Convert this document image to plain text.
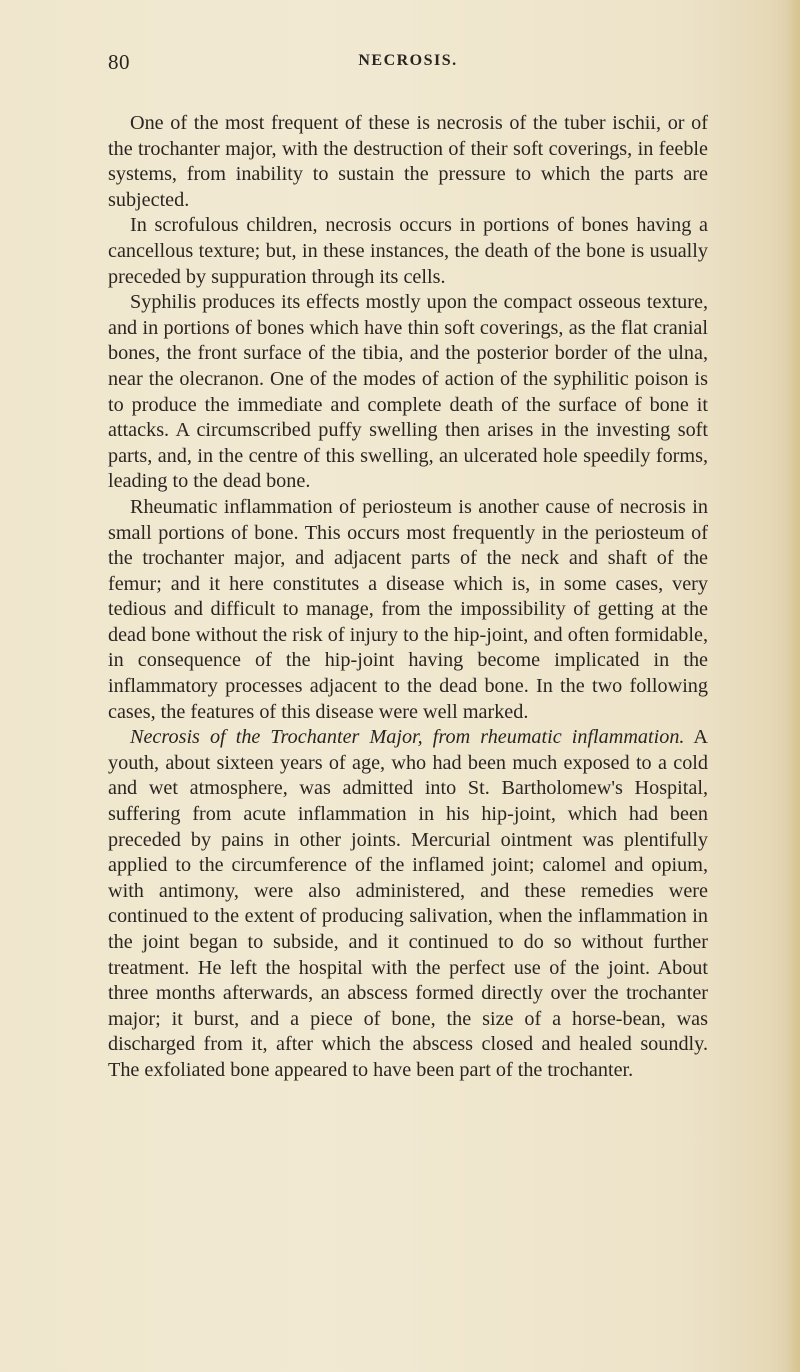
80	NECROSIS.

One of the most frequent of these is necrosis of the tuber ischii, or of the trochanter major, with the destruction of their soft coverings, in feeble systems, from inability to sustain the pressure to which the parts are subjected.

In scrofulous children, necrosis occurs in portions of bones having a cancellous texture; but, in these instances, the death of the bone is usually preceded by suppuration through its cells.

Syphilis produces its effects mostly upon the compact osseous texture, and in portions of bones which have thin soft coverings, as the flat cranial bones, the front surface of the tibia, and the posterior border of the ulna, near the olecranon. One of the modes of action of the syphilitic poison is to produce the immediate and complete death of the surface of bone it attacks. A circumscribed puffy swelling then arises in the investing soft parts, and, in the centre of this swelling, an ulcerated hole speedily forms, leading to the dead bone.

Rheumatic inflammation of periosteum is another cause of necrosis in small portions of bone. This occurs most frequently in the periosteum of the trochanter major, and adjacent parts of the neck and shaft of the femur; and it here constitutes a disease which is, in some cases, very tedious and difficult to manage, from the impossibility of getting at the dead bone without the risk of injury to the hip-joint, and often formidable, in consequence of the hip-joint having become implicated in the inflammatory processes adjacent to the dead bone. In the two following cases, the features of this disease were well marked.

Necrosis of the Trochanter Major, from rheumatic inflammation. A youth, about sixteen years of age, who had been much exposed to a cold and wet atmosphere, was admitted into St. Bartholomew's Hospital, suffering from acute inflammation in his hip-joint, which had been preceded by pains in other joints. Mercurial ointment was plentifully applied to the circumference of the inflamed joint; calomel and opium, with antimony, were also administered, and these remedies were continued to the extent of producing salivation, when the inflammation in the joint began to subside, and it continued to do so without further treatment. He left the hospital with the perfect use of the joint. About three months afterwards, an abscess formed directly over the trochanter major; it burst, and a piece of bone, the size of a horse-bean, was discharged from it, after which the abscess closed and healed soundly. The exfoliated bone appeared to have been part of the trochanter.
